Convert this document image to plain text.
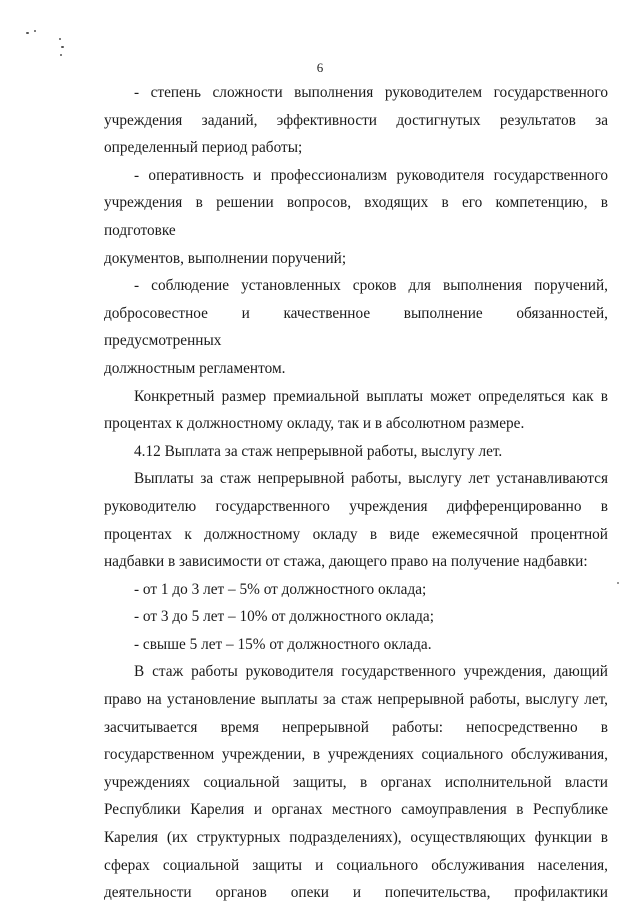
6
- степень сложности выполнения руководителем государственного
учреждения заданий, эффективности достигнутых результатов за
определенный период работы;
- оперативность и профессионализм руководителя государственного
учреждения в решении вопросов, входящих в его компетенцию, в подготовке
документов, выполнении поручений;
- соблюдение установленных сроков для выполнения поручений,
добросовестное и качественное выполнение обязанностей, предусмотренных
должностным регламентом.
Конкретный размер премиальной выплаты может определяться как в
процентах к должностному окладу, так и в абсолютном размере.
4.12 Выплата за стаж непрерывной работы, выслугу лет.
Выплаты за стаж непрерывной работы, выслугу лет устанавливаются
руководителю государственного учреждения дифференцированно в
процентах к должностному окладу в виде ежемесячной процентной
надбавки в зависимости от стажа, дающего право на получение надбавки:
- от 1 до 3 лет – 5% от должностного оклада;
- от 3 до 5 лет – 10% от должностного оклада;
- свыше 5 лет – 15% от должностного оклада.
В стаж работы руководителя государственного учреждения, дающий
право на установление выплаты за стаж непрерывной работы, выслугу лет,
засчитывается время непрерывной работы: непосредственно в
государственном учреждении, в учреждениях социального обслуживания,
учреждениях социальной защиты, в органах исполнительной власти
Республики Карелия и органах местного самоуправления в Республике
Карелия (их структурных подразделениях), осуществляющих функции в
сферах социальной защиты и социального обслуживания населения,
деятельности органов опеки и попечительства, профилактики
